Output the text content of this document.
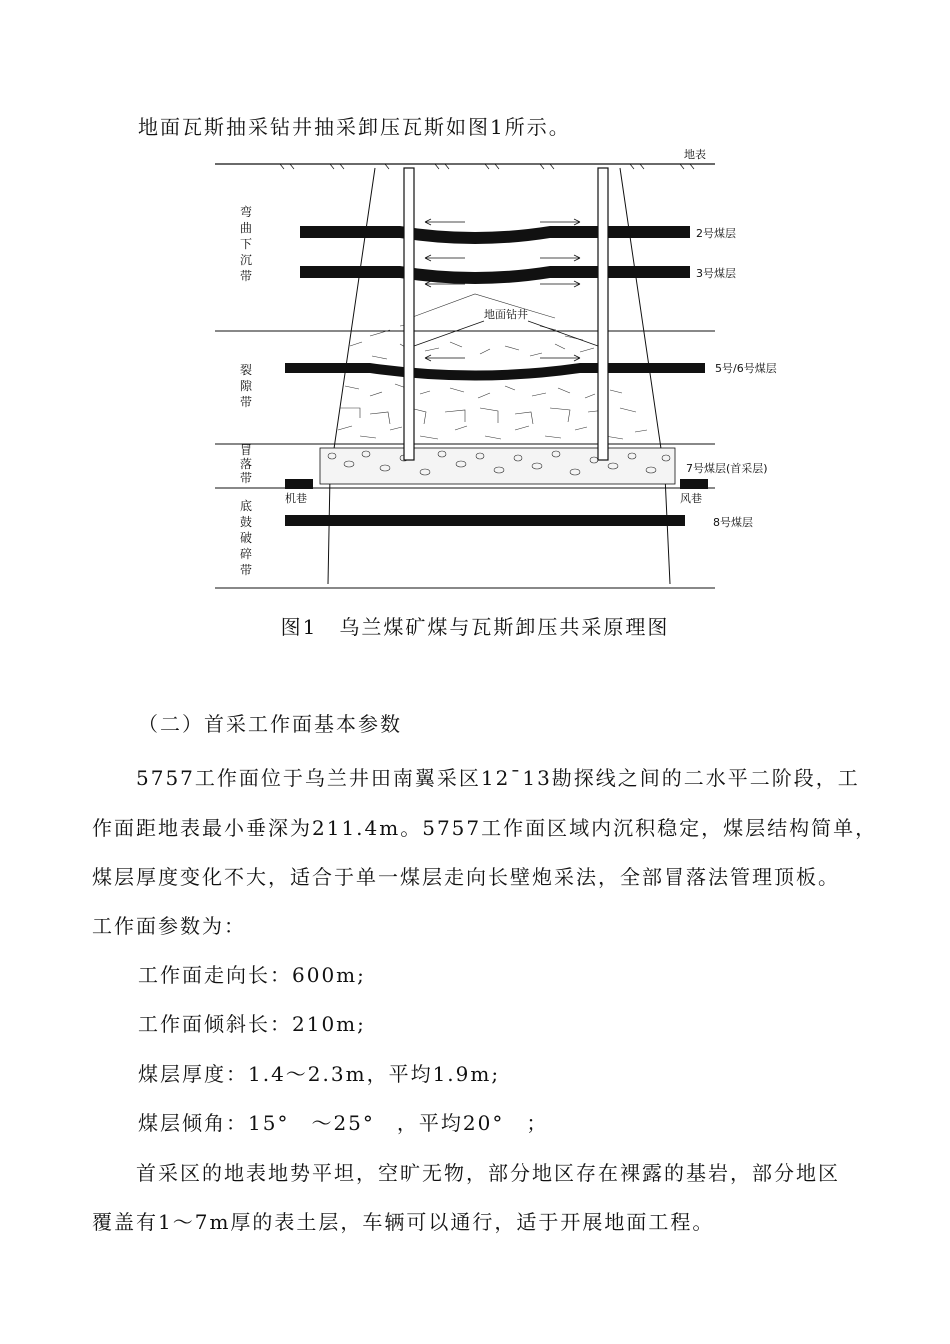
地面瓦斯抽采钻井抽采卸压瓦斯如图1所示。
地表
弯曲下沉带
裂隙带
冒落带
底鼓破碎带
地面钻井
2号煤层
3号煤层
5号/6号煤层
7号煤层(首采层)
8号煤层
机巷	风巷
图1　乌兰煤矿煤与瓦斯卸压共采原理图
（二）首采工作面基本参数
5757工作面位于乌兰井田南翼采区12¯13勘探线之间的二水平二阶段，工
作面距地表最小垂深为211.4m。5757工作面区域内沉积稳定，煤层结构简单，
煤层厚度变化不大，适合于单一煤层走向长壁炮采法，全部冒落法管理顶板。
工作面参数为：
工作面走向长：600m;
工作面倾斜长：210m;
煤层厚度：1.4～2.3m，平均1.9m;
煤层倾角：15°　～25°　，平均20°　；
首采区的地表地势平坦，空旷无物，部分地区存在裸露的基岩，部分地区
覆盖有1～7m厚的表土层，车辆可以通行，适于开展地面工程。
